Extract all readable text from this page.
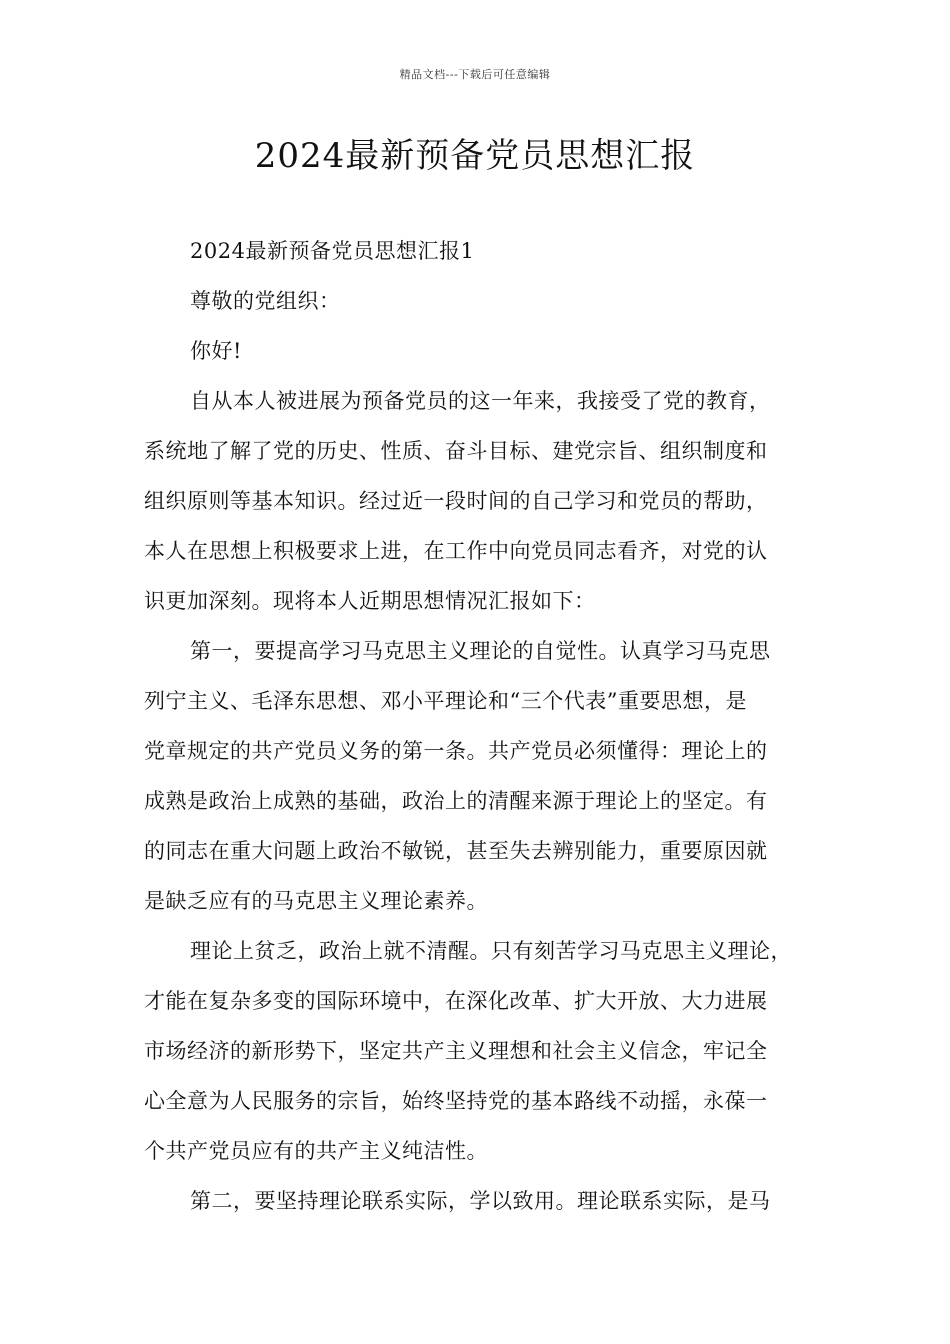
精品文档---下载后可任意编辑
2024最新预备党员思想汇报
2024最新预备党员思想汇报1
尊敬的党组织：
你好!
自从本人被进展为预备党员的这一年来，我接受了党的教育，
系统地了解了党的历史、性质、奋斗目标、建党宗旨、组织制度和
组织原则等基本知识。经过近一段时间的自己学习和党员的帮助，
本人在思想上积极要求上进，在工作中向党员同志看齐，对党的认
识更加深刻。现将本人近期思想情况汇报如下：
第一，要提高学习马克思主义理论的自觉性。认真学习马克思
列宁主义、毛泽东思想、邓小平理论和“三个代表”重要思想，是
党章规定的共产党员义务的第一条。共产党员必须懂得：理论上的
成熟是政治上成熟的基础，政治上的清醒来源于理论上的坚定。有
的同志在重大问题上政治不敏锐，甚至失去辨别能力，重要原因就
是缺乏应有的马克思主义理论素养。
理论上贫乏，政治上就不清醒。只有刻苦学习马克思主义理论，
才能在复杂多变的国际环境中，在深化改革、扩大开放、大力进展
市场经济的新形势下，坚定共产主义理想和社会主义信念，牢记全
心全意为人民服务的宗旨，始终坚持党的基本路线不动摇，永葆一
个共产党员应有的共产主义纯洁性。
第二，要坚持理论联系实际，学以致用。理论联系实际，是马
